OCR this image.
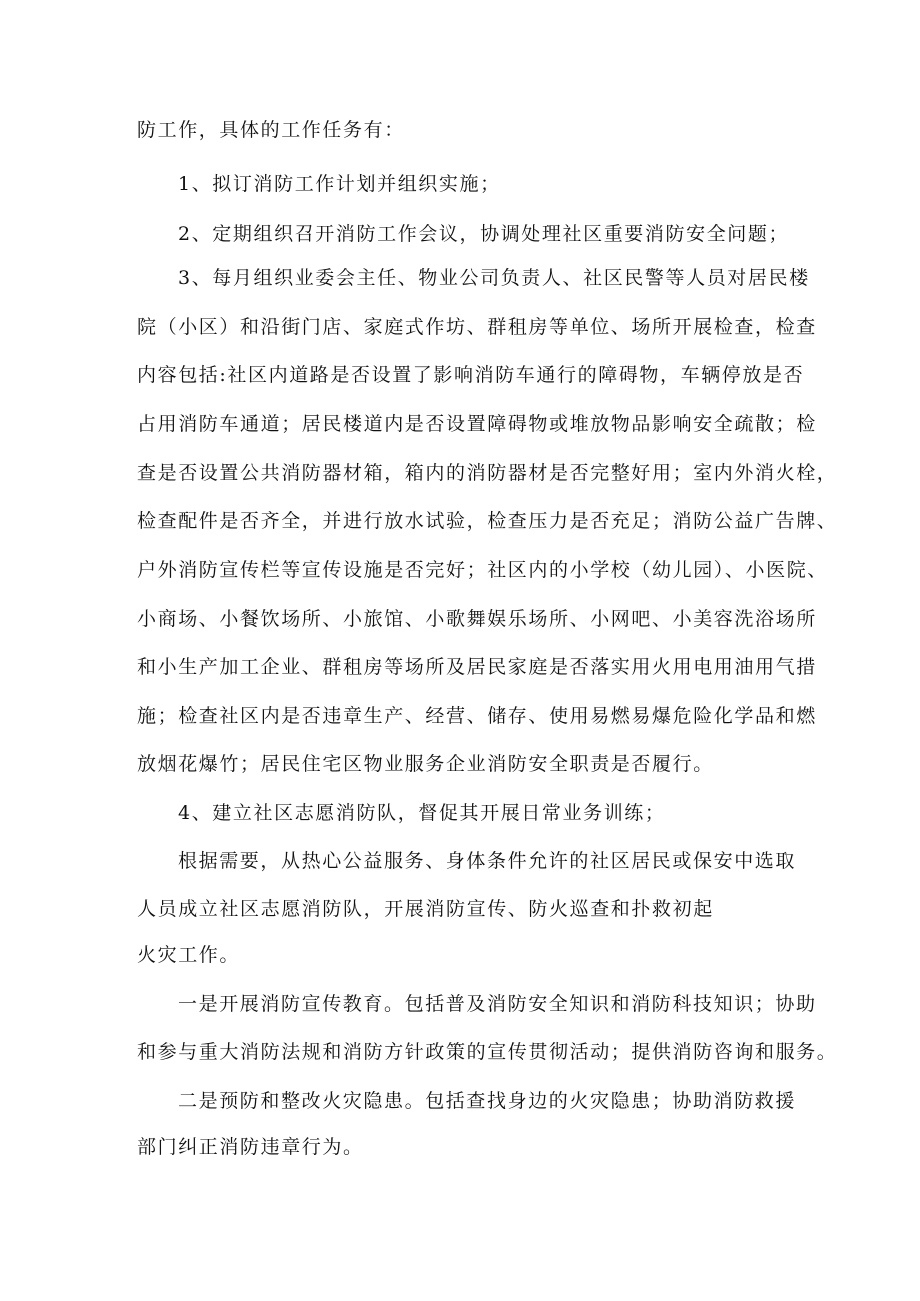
防工作，具体的工作任务有：
1、拟订消防工作计划并组织实施；
2、定期组织召开消防工作会议，协调处理社区重要消防安全问题；
3、每月组织业委会主任、物业公司负责人、社区民警等人员对居民楼
院（小区）和沿街门店、家庭式作坊、群租房等单位、场所开展检查，检查
内容包括:社区内道路是否设置了影响消防车通行的障碍物，车辆停放是否
占用消防车通道；居民楼道内是否设置障碍物或堆放物品影响安全疏散；检
查是否设置公共消防器材箱，箱内的消防器材是否完整好用；室内外消火栓，
检查配件是否齐全，并进行放水试验，检查压力是否充足；消防公益广告牌、
户外消防宣传栏等宣传设施是否完好；社区内的小学校（幼儿园）、小医院、
小商场、小餐饮场所、小旅馆、小歌舞娱乐场所、小网吧、小美容洗浴场所
和小生产加工企业、群租房等场所及居民家庭是否落实用火用电用油用气措
施；检查社区内是否违章生产、经营、储存、使用易燃易爆危险化学品和燃
放烟花爆竹；居民住宅区物业服务企业消防安全职责是否履行。
4、建立社区志愿消防队，督促其开展日常业务训练；
根据需要，从热心公益服务、身体条件允许的社区居民或保安中选取
人员成立社区志愿消防队，开展消防宣传、防火巡查和扑救初起
火灾工作。
一是开展消防宣传教育。包括普及消防安全知识和消防科技知识；协助
和参与重大消防法规和消防方针政策的宣传贯彻活动；提供消防咨询和服务。
二是预防和整改火灾隐患。包括查找身边的火灾隐患；协助消防救援
部门纠正消防违章行为。
